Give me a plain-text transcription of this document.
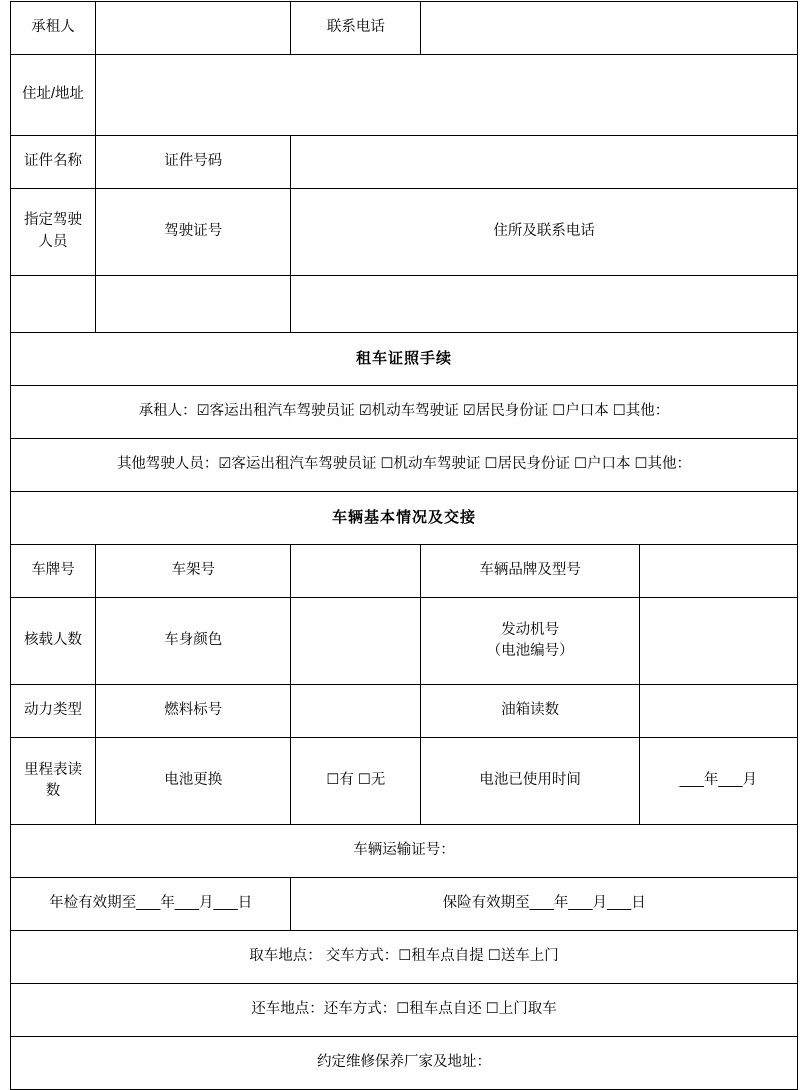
承租人		联系电话		

住址/地址				

证件名称	证件号码			
指定驾驶人员	驾驶证号	住所及联系电话		

租车证照手续				
承租人：☑客运出租汽车驾驶员证 ☑机动车驾驶证 ☑居民身份证 ☐户口本 ☐其他：				
其他驾驶人员：☑客运出租汽车驾驶员证 ☐机动车驾驶证 ☐居民身份证 ☐户口本 ☐其他：				
车辆基本情况及交接				
车牌号	车架号		车辆品牌及型号	
核载人数	车身颜色		发动机号
（电池编号）	

动力类型	燃料标号		油箱读数	

里程表读
数	电池更换	☐有 ☐无	电池已使用时间	___年___月
车辆运输证号：				
年检有效期至___年___月___日		保险有效期至___年___月___日		
取车地点： 交车方式：☐租车点自提 ☐送车上门				
还车地点：还车方式：☐租车点自还 ☐上门取车				
约定维修保养厂家及地址：				
